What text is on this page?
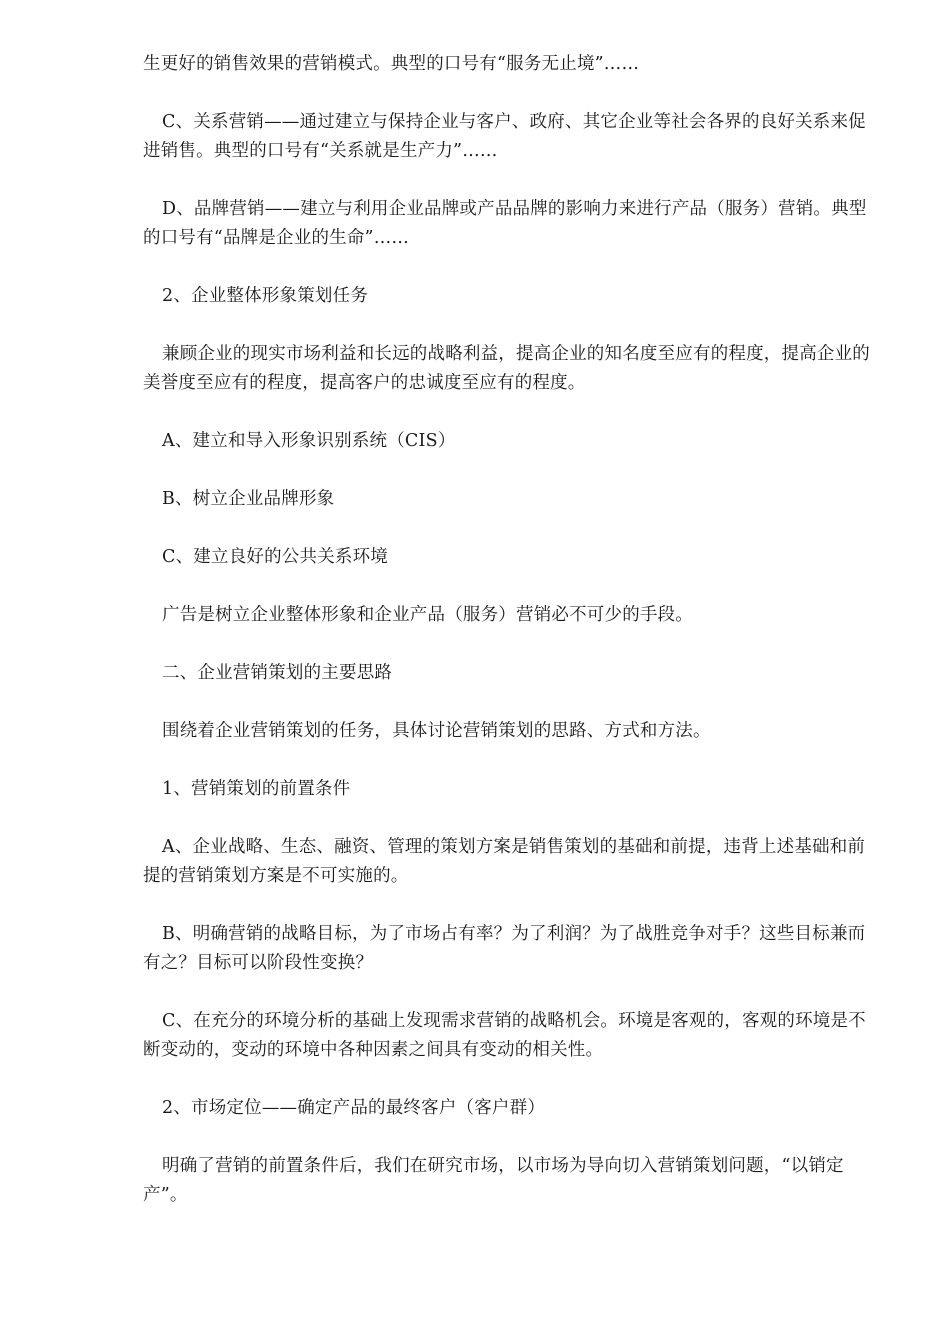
生更好的销售效果的营销模式。典型的口号有“服务无止境”……

C、关系营销——通过建立与保持企业与客户、政府、其它企业等社会各界的良好关系来促进销售。典型的口号有“关系就是生产力”……

D、品牌营销——建立与利用企业品牌或产品品牌的影响力来进行产品（服务）营销。典型的口号有“品牌是企业的生命”……

2、企业整体形象策划任务

兼顾企业的现实市场利益和长远的战略利益，提高企业的知名度至应有的程度，提高企业的美誉度至应有的程度，提高客户的忠诚度至应有的程度。

A、建立和导入形象识别系统（CIS）

B、树立企业品牌形象

C、建立良好的公共关系环境

广告是树立企业整体形象和企业产品（服务）营销必不可少的手段。

二、企业营销策划的主要思路

围绕着企业营销策划的任务，具体讨论营销策划的思路、方式和方法。

1、营销策划的前置条件

A、企业战略、生态、融资、管理的策划方案是销售策划的基础和前提，违背上述基础和前提的营销策划方案是不可实施的。

B、明确营销的战略目标，为了市场占有率？为了利润？为了战胜竞争对手？这些目标兼而有之？目标可以阶段性变换？

C、在充分的环境分析的基础上发现需求营销的战略机会。环境是客观的，客观的环境是不断变动的，变动的环境中各种因素之间具有变动的相关性。

2、市场定位——确定产品的最终客户（客户群）

明确了营销的前置条件后，我们在研究市场，以市场为导向切入营销策划问题，“以销定产”。
